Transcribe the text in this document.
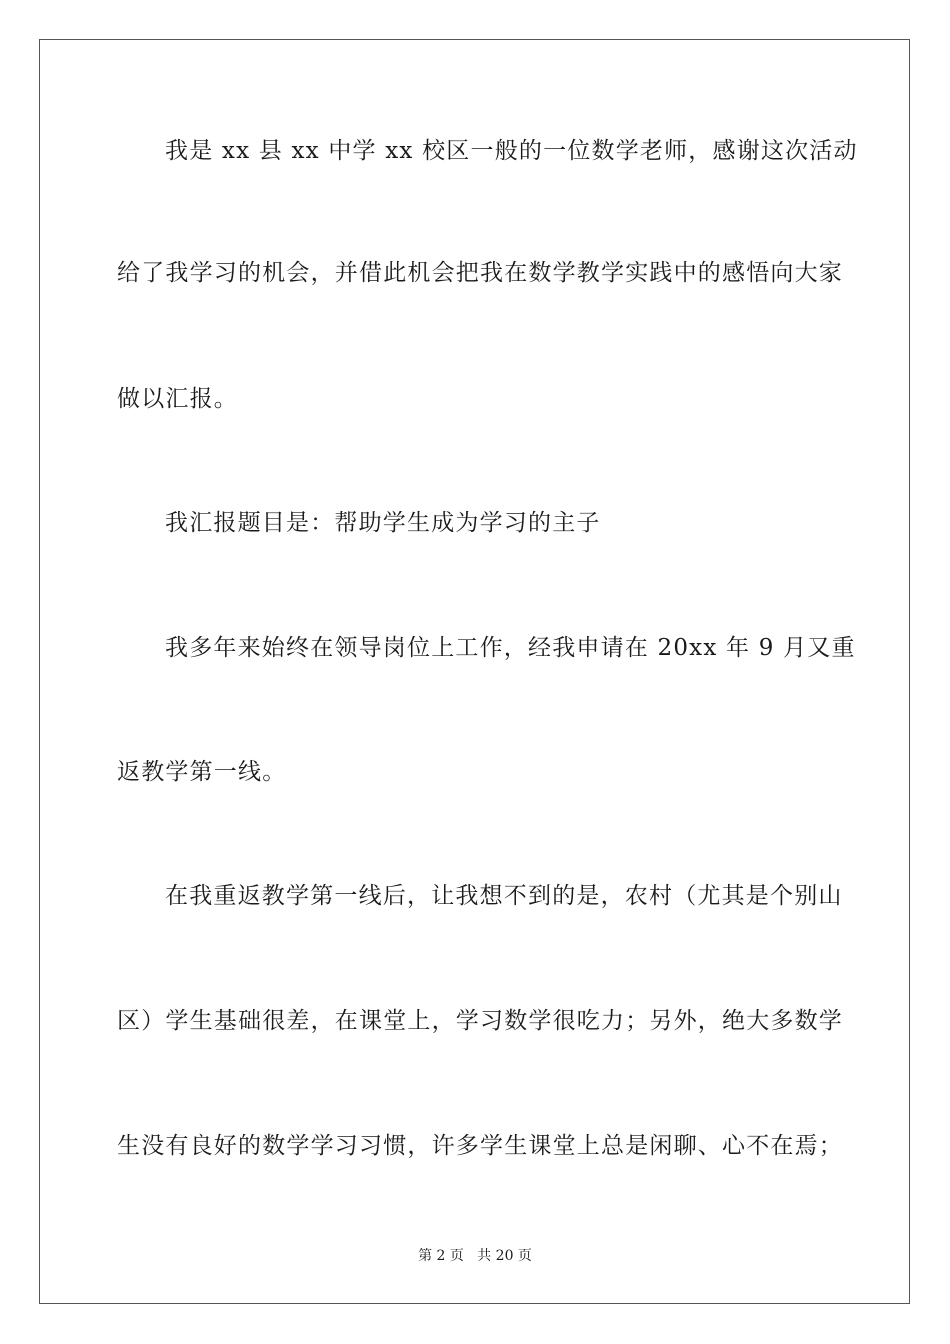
我是 xx 县 xx 中学 xx 校区一般的一位数学老师，感谢这次活动
给了我学习的机会，并借此机会把我在数学教学实践中的感悟向大家
做以汇报。
我汇报题目是：帮助学生成为学习的主子
我多年来始终在领导岗位上工作，经我申请在 20xx 年 9 月又重
返教学第一线。
在我重返教学第一线后，让我想不到的是，农村（尤其是个别山
区）学生基础很差，在课堂上，学习数学很吃力；另外，绝大多数学
生没有良好的数学学习习惯，许多学生课堂上总是闲聊、心不在焉；
第 2 页   共 20 页
